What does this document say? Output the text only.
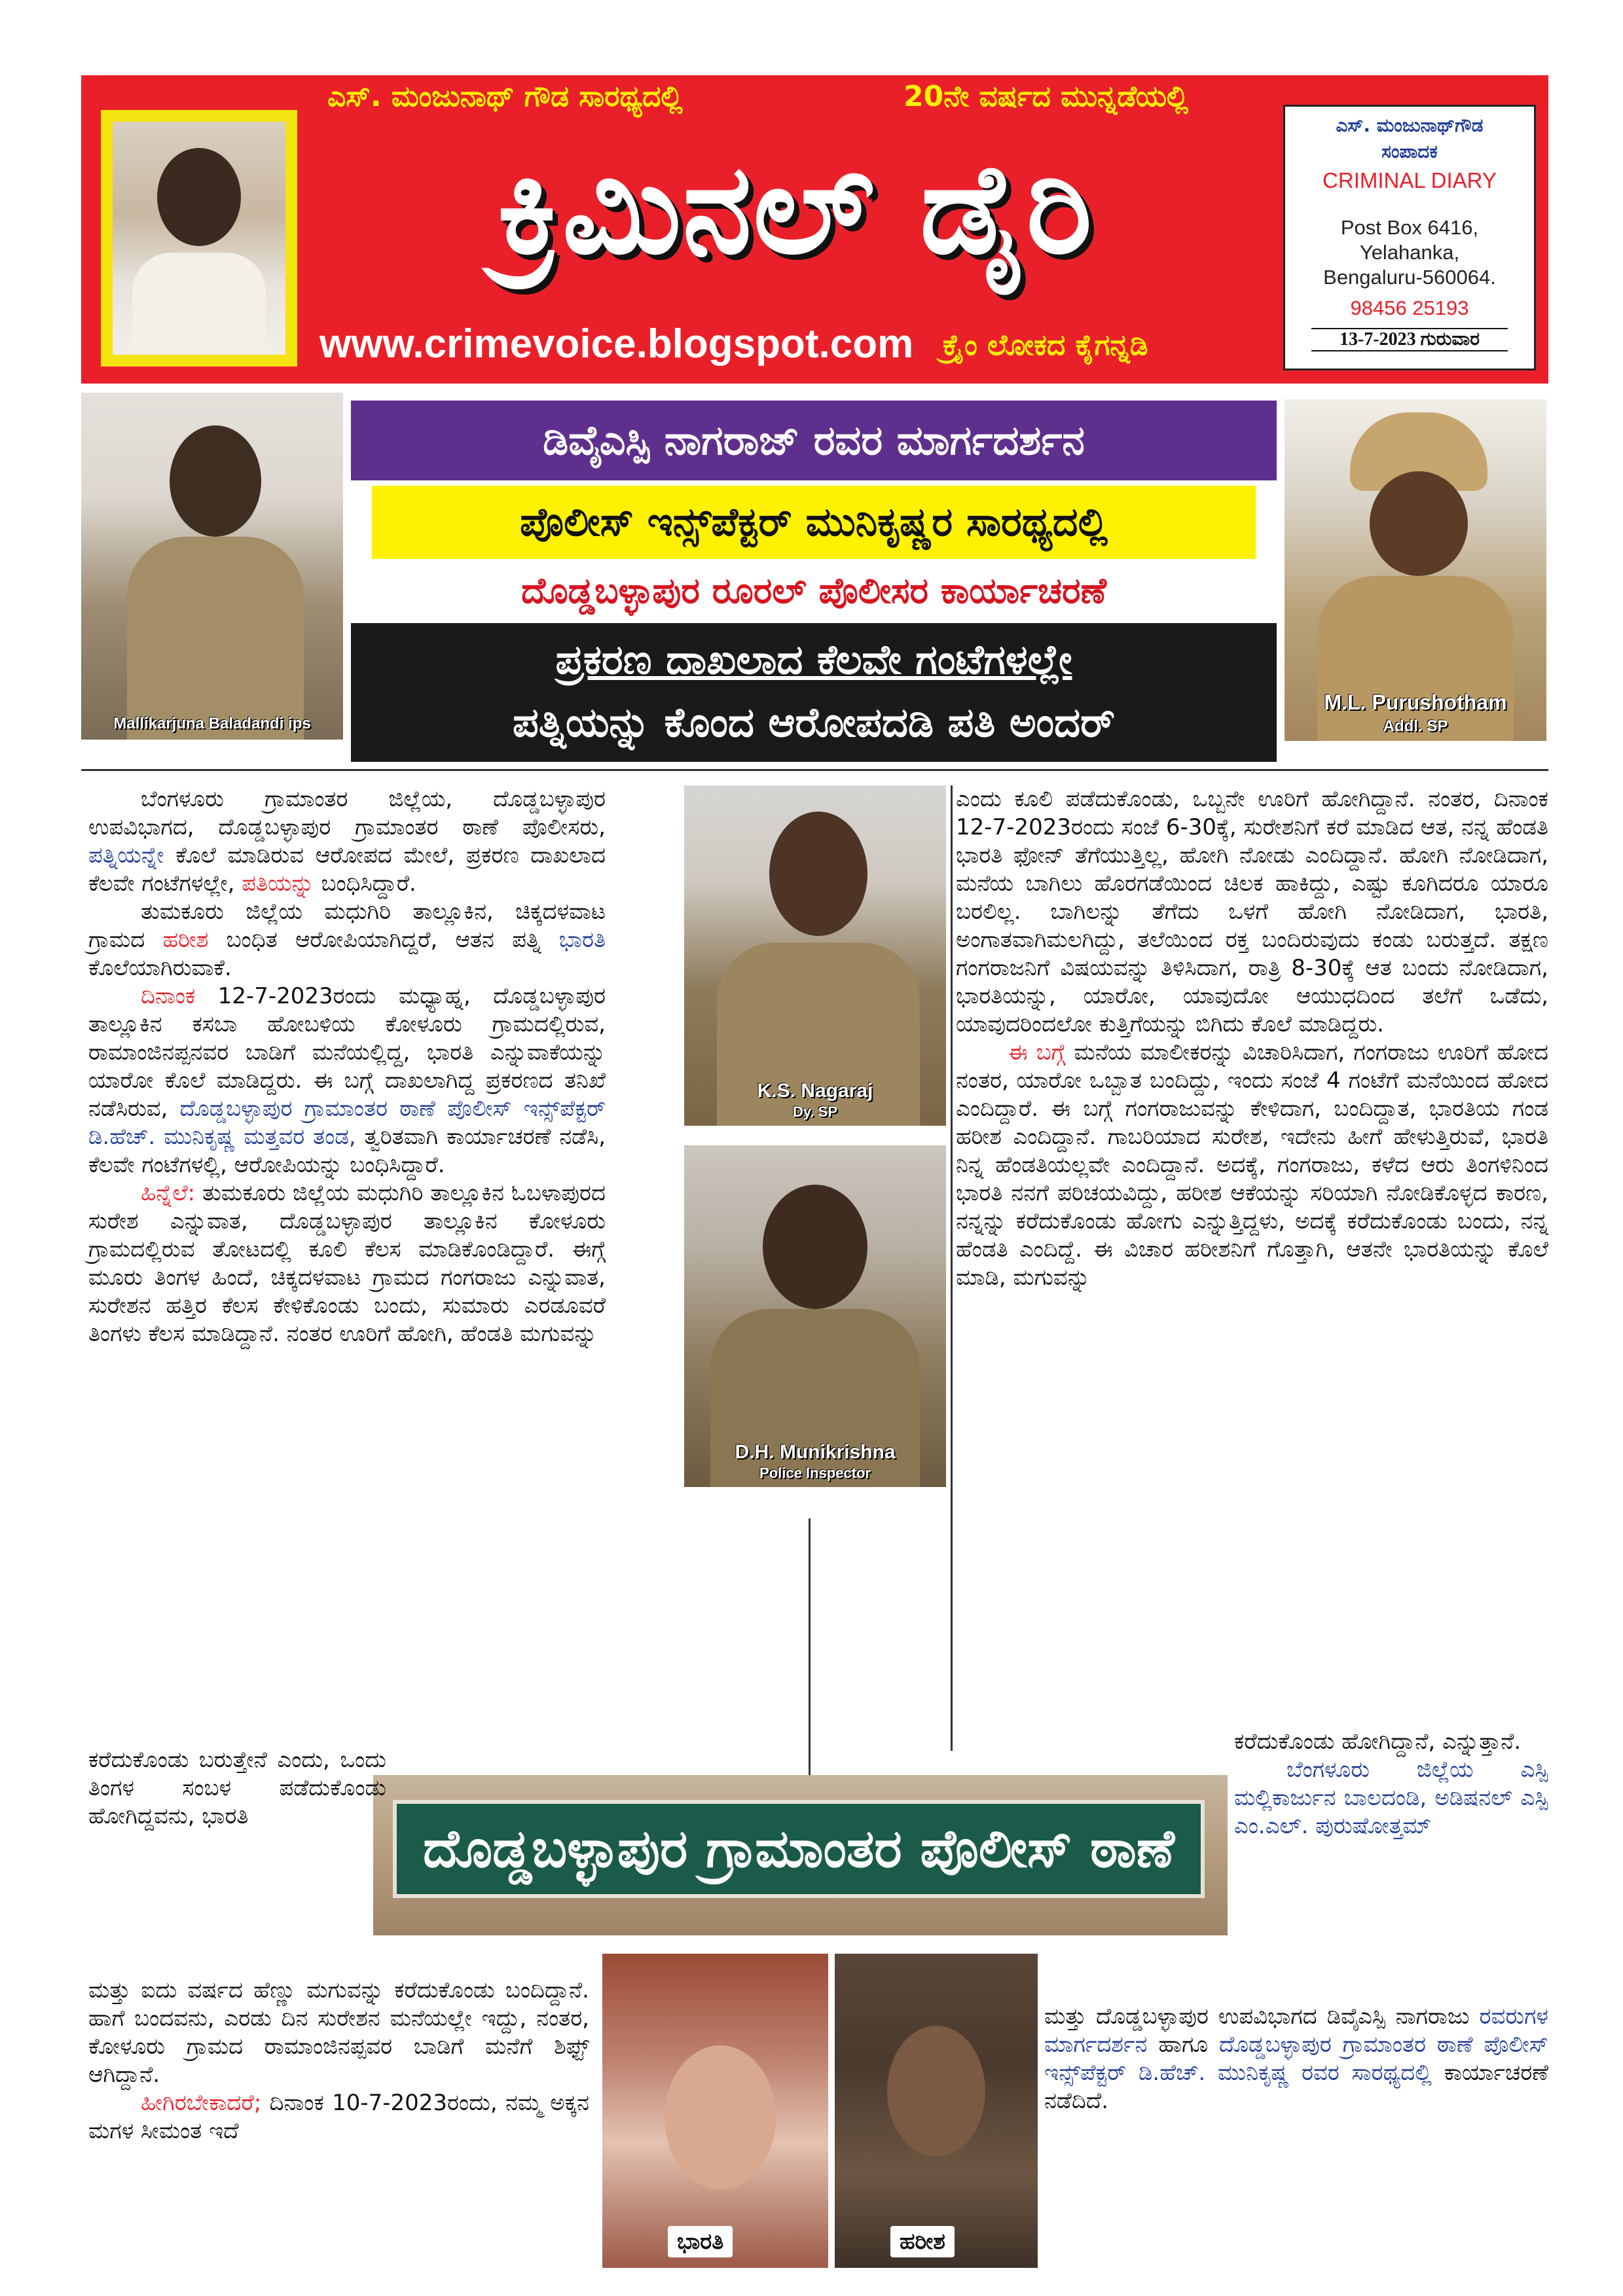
ಎಸ್. ಮಂಜುನಾಥ್ ಗೌಡ ಸಾರಥ್ಯದಲ್ಲಿ	20ನೇ ವರ್ಷದ ಮುನ್ನಡೆಯಲ್ಲಿ
ಕ್ರಿಮಿನಲ್ ಡೈರಿ
www.crimevoice.blogspot.com ಕ್ರೈಂ ಲೋಕದ ಕೈಗನ್ನಡಿ
ಎಸ್. ಮಂಜುನಾಥ್‌ಗೌಡ
ಸಂಪಾದಕ
CRIMINAL DIARY
Post Box 6416,
Yelahanka,
Bengaluru-560064.
98456 25193
13-7-2023 ಗುರುವಾರ
Mallikarjuna Baladandi ips
M.L. Purushotham
Addl. SP
ಡಿವೈಎಸ್ಪಿ ನಾಗರಾಜ್ ರವರ ಮಾರ್ಗದರ್ಶನ
ಪೊಲೀಸ್ ಇನ್ಸ್‌ಪೆಕ್ಟರ್ ಮುನಿಕೃಷ್ಣರ ಸಾರಥ್ಯದಲ್ಲಿ
ದೊಡ್ಡಬಳ್ಳಾಪುರ ರೂರಲ್ ಪೊಲೀಸರ ಕಾರ್ಯಾಚರಣೆ
ಪ್ರಕರಣ ದಾಖಲಾದ ಕೆಲವೇ ಗಂಟೆಗಳಲ್ಲೇ
ಪತ್ನಿಯನ್ನು ಕೊಂದ ಆರೋಪದಡಿ ಪತಿ ಅಂದರ್

ಬೆಂಗಳೂರು ಗ್ರಾಮಾಂತರ ಜಿಲ್ಲೆಯ, ದೊಡ್ಡಬಳ್ಳಾಪುರ ಉಪವಿಭಾಗದ, ದೊಡ್ಡಬಳ್ಳಾಪುರ ಗ್ರಾಮಾಂತರ ಠಾಣೆ ಪೊಲೀಸರು, ಪತ್ನಿಯನ್ನೇ ಕೊಲೆ ಮಾಡಿರುವ ಆರೋಪದ ಮೇಲೆ, ಪ್ರಕರಣ ದಾಖಲಾದ ಕೆಲವೇ ಗಂಟೆಗಳಲ್ಲೇ, ಪತಿಯನ್ನು ಬಂಧಿಸಿದ್ದಾರೆ.

ತುಮಕೂರು ಜಿಲ್ಲೆಯ ಮಧುಗಿರಿ ತಾಲ್ಲೂಕಿನ, ಚಿಕ್ಕದಳವಾಟ ಗ್ರಾಮದ ಹರೀಶ ಬಂಧಿತ ಆರೋಪಿಯಾಗಿದ್ದರೆ, ಆತನ ಪತ್ನಿ ಭಾರತಿ ಕೊಲೆಯಾಗಿರುವಾಕೆ.

ದಿನಾಂಕ 12-7-2023ರಂದು ಮಧ್ಯಾಹ್ನ, ದೊಡ್ಡಬಳ್ಳಾಪುರ ತಾಲ್ಲೂಕಿನ ಕಸಬಾ ಹೋಬಳಿಯ ಕೋಳೂರು ಗ್ರಾಮದಲ್ಲಿರುವ, ರಾಮಾಂಜಿನಪ್ಪನವರ ಬಾಡಿಗೆ ಮನೆಯಲ್ಲಿದ್ದ, ಭಾರತಿ ಎನ್ನುವಾಕೆಯನ್ನು ಯಾರೋ ಕೊಲೆ ಮಾಡಿದ್ದರು. ಈ ಬಗ್ಗೆ ದಾಖಲಾಗಿದ್ದ ಪ್ರಕರಣದ ತನಿಖೆ ನಡೆಸಿರುವ, ದೊಡ್ಡಬಳ್ಳಾಪುರ ಗ್ರಾಮಾಂತರ ಠಾಣೆ ಪೊಲೀಸ್ ಇನ್ಸ್‌ಪೆಕ್ಟರ್ ಡಿ.ಹೆಚ್. ಮುನಿಕೃಷ್ಣ ಮತ್ತವರ ತಂಡ, ತ್ವರಿತವಾಗಿ ಕಾರ್ಯಾಚರಣೆ ನಡೆಸಿ, ಕೆಲವೇ ಗಂಟೆಗಳಲ್ಲಿ, ಆರೋಪಿಯನ್ನು ಬಂಧಿಸಿದ್ದಾರೆ.

ಹಿನ್ನೆಲೆ: ತುಮಕೂರು ಜಿಲ್ಲೆಯ ಮಧುಗಿರಿ ತಾಲ್ಲೂಕಿನ ಓಬಳಾಪುರದ ಸುರೇಶ ಎನ್ನುವಾತ, ದೊಡ್ಡಬಳ್ಳಾಪುರ ತಾಲ್ಲೂಕಿನ ಕೋಳೂರು ಗ್ರಾಮದಲ್ಲಿರುವ ತೋಟದಲ್ಲಿ ಕೂಲಿ ಕೆಲಸ ಮಾಡಿಕೊಂಡಿದ್ದಾರೆ. ಈಗ್ಗೆ ಮೂರು ತಿಂಗಳ ಹಿಂದೆ, ಚಿಕ್ಕದಳವಾಟ ಗ್ರಾಮದ ಗಂಗರಾಜು ಎನ್ನುವಾತ, ಸುರೇಶನ ಹತ್ತಿರ ಕೆಲಸ ಕೇಳಿಕೊಂಡು ಬಂದು, ಸುಮಾರು ಎರಡೂವರೆ ತಿಂಗಳು ಕೆಲಸ ಮಾಡಿದ್ದಾನೆ. ನಂತರ ಊರಿಗೆ ಹೋಗಿ, ಹೆಂಡತಿ ಮಗುವನ್ನು

K.S. Nagaraj
Dy. SP
D.H. Munikrishna
Police Inspector

ಎಂದು ಕೂಲಿ ಪಡೆದುಕೊಂಡು, ಒಬ್ಬನೇ ಊರಿಗೆ ಹೋಗಿದ್ದಾನೆ. ನಂತರ, ದಿನಾಂಕ 12-7-2023ರಂದು ಸಂಜೆ 6-30ಕ್ಕೆ, ಸುರೇಶನಿಗೆ ಕರೆ ಮಾಡಿದ ಆತ, ನನ್ನ ಹೆಂಡತಿ ಭಾರತಿ ಫೋನ್ ತೆಗೆಯುತ್ತಿಲ್ಲ, ಹೋಗಿ ನೋಡು ಎಂದಿದ್ದಾನೆ. ಹೋಗಿ ನೋಡಿದಾಗ, ಮನೆಯ ಬಾಗಿಲು ಹೊರಗಡೆಯಿಂದ ಚಿಲಕ ಹಾಕಿದ್ದು, ಎಷ್ಟು ಕೂಗಿದರೂ ಯಾರೂ ಬರಲಿಲ್ಲ. ಬಾಗಿಲನ್ನು ತೆಗೆದು ಒಳಗೆ ಹೋಗಿ ನೋಡಿದಾಗ, ಭಾರತಿ, ಅಂಗಾತವಾಗಿಮಲಗಿದ್ದು, ತಲೆಯಿಂದ ರಕ್ತ ಬಂದಿರುವುದು ಕಂಡು ಬರುತ್ತದೆ. ತಕ್ಷಣ ಗಂಗರಾಜನಿಗೆ ವಿಷಯವನ್ನು ತಿಳಿಸಿದಾಗ, ರಾತ್ರಿ 8-30ಕ್ಕೆ ಆತ ಬಂದು ನೋಡಿದಾಗ, ಭಾರತಿಯನ್ನು, ಯಾರೋ, ಯಾವುದೋ ಆಯುಧದಿಂದ ತಲೆಗೆ ಒಡೆದು, ಯಾವುದರಿಂದಲೋ ಕುತ್ತಿಗೆಯನ್ನು ಬಿಗಿದು ಕೊಲೆ ಮಾಡಿದ್ದರು.

ಈ ಬಗ್ಗೆ ಮನೆಯ ಮಾಲೀಕರನ್ನು ವಿಚಾರಿಸಿದಾಗ, ಗಂಗರಾಜು ಊರಿಗೆ ಹೋದ ನಂತರ, ಯಾರೋ ಒಬ್ಬಾತ ಬಂದಿದ್ದು, ಇಂದು ಸಂಜೆ 4 ಗಂಟೆಗೆ ಮನೆಯಿಂದ ಹೋದ ಎಂದಿದ್ದಾರೆ. ಈ ಬಗ್ಗೆ ಗಂಗರಾಜುವನ್ನು ಕೇಳಿದಾಗ, ಬಂದಿದ್ದಾತ, ಭಾರತಿಯ ಗಂಡ ಹರೀಶ ಎಂದಿದ್ದಾನೆ. ಗಾಬರಿಯಾದ ಸುರೇಶ, ಇದೇನು ಹೀಗೆ ಹೇಳುತ್ತಿರುವೆ, ಭಾರತಿ ನಿನ್ನ ಹೆಂಡತಿಯಲ್ಲವೇ ಎಂದಿದ್ದಾನೆ. ಅದಕ್ಕೆ, ಗಂಗರಾಜು, ಕಳೆದ ಆರು ತಿಂಗಳಿನಿಂದ ಭಾರತಿ ನನಗೆ ಪರಿಚಯವಿದ್ದು, ಹರೀಶ ಆಕೆಯನ್ನು ಸರಿಯಾಗಿ ನೋಡಿಕೊಳ್ಳದ ಕಾರಣ, ನನ್ನನ್ನು ಕರೆದುಕೊಂಡು ಹೋಗು ಎನ್ನುತ್ತಿದ್ದಳು, ಅದಕ್ಕೆ ಕರೆದುಕೊಂಡು ಬಂದು, ನನ್ನ ಹೆಂಡತಿ ಎಂದಿದ್ದೆ. ಈ ವಿಚಾರ ಹರೀಶನಿಗೆ ಗೊತ್ತಾಗಿ, ಆತನೇ ಭಾರತಿಯನ್ನು ಕೊಲೆ ಮಾಡಿ, ಮಗುವನ್ನು

ದೊಡ್ಡಬಳ್ಳಾಪುರ ಗ್ರಾಮಾಂತರ ಪೊಲೀಸ್ ಠಾಣೆ

ಕರೆದುಕೊಂಡು ಬರುತ್ತೇನೆ ಎಂದು, ಒಂದು ತಿಂಗಳ ಸಂಬಳ ಪಡೆದುಕೊಂಡು ಹೋಗಿದ್ದವನು, ಭಾರತಿ

ಮತ್ತು ಐದು ವರ್ಷದ ಹೆಣ್ಣು ಮಗುವನ್ನು ಕರೆದುಕೊಂಡು ಬಂದಿದ್ದಾನೆ. ಹಾಗೆ ಬಂದವನು, ಎರಡು ದಿನ ಸುರೇಶನ ಮನೆಯಲ್ಲೇ ಇದ್ದು, ನಂತರ, ಕೋಳೂರು ಗ್ರಾಮದ ರಾಮಾಂಜಿನಪ್ಪವರ ಬಾಡಿಗೆ ಮನೆಗೆ ಶಿಫ್ಟ್ ಆಗಿದ್ದಾನೆ.

ಹೀಗಿರಬೇಕಾದರೆ; ದಿನಾಂಕ 10-7-2023ರಂದು, ನಮ್ಮ ಅಕ್ಕನ ಮಗಳ ಸೀಮಂತ ಇದೆ

ಭಾರತಿ	ಹರೀಶ

ಕರೆದುಕೊಂಡು ಹೋಗಿದ್ದಾನೆ, ಎನ್ನುತ್ತಾನೆ.

ಬೆಂಗಳೂರು ಜಿಲ್ಲೆಯ ಎಸ್ಪಿ ಮಲ್ಲಿಕಾರ್ಜುನ ಬಾಲದಂಡಿ, ಅಡಿಷನಲ್ ಎಸ್ಪಿ ಎಂ.ಎಲ್. ಪುರುಷೋತ್ತಮ್

ಮತ್ತು ದೊಡ್ಡಬಳ್ಳಾಪುರ ಉಪವಿಭಾಗದ ಡಿವೈಎಸ್ಪಿ ನಾಗರಾಜು ರವರುಗಳ ಮಾರ್ಗದರ್ಶನ ಹಾಗೂ ದೊಡ್ಡಬಳ್ಳಾಪುರ ಗ್ರಾಮಾಂತರ ಠಾಣೆ ಪೊಲೀಸ್ ಇನ್ಸ್‌ಪೆಕ್ಟರ್ ಡಿ.ಹೆಚ್. ಮುನಿಕೃಷ್ಣ ರವರ ಸಾರಥ್ಯದಲ್ಲಿ ಕಾರ್ಯಾಚರಣೆ ನಡೆದಿದೆ.
